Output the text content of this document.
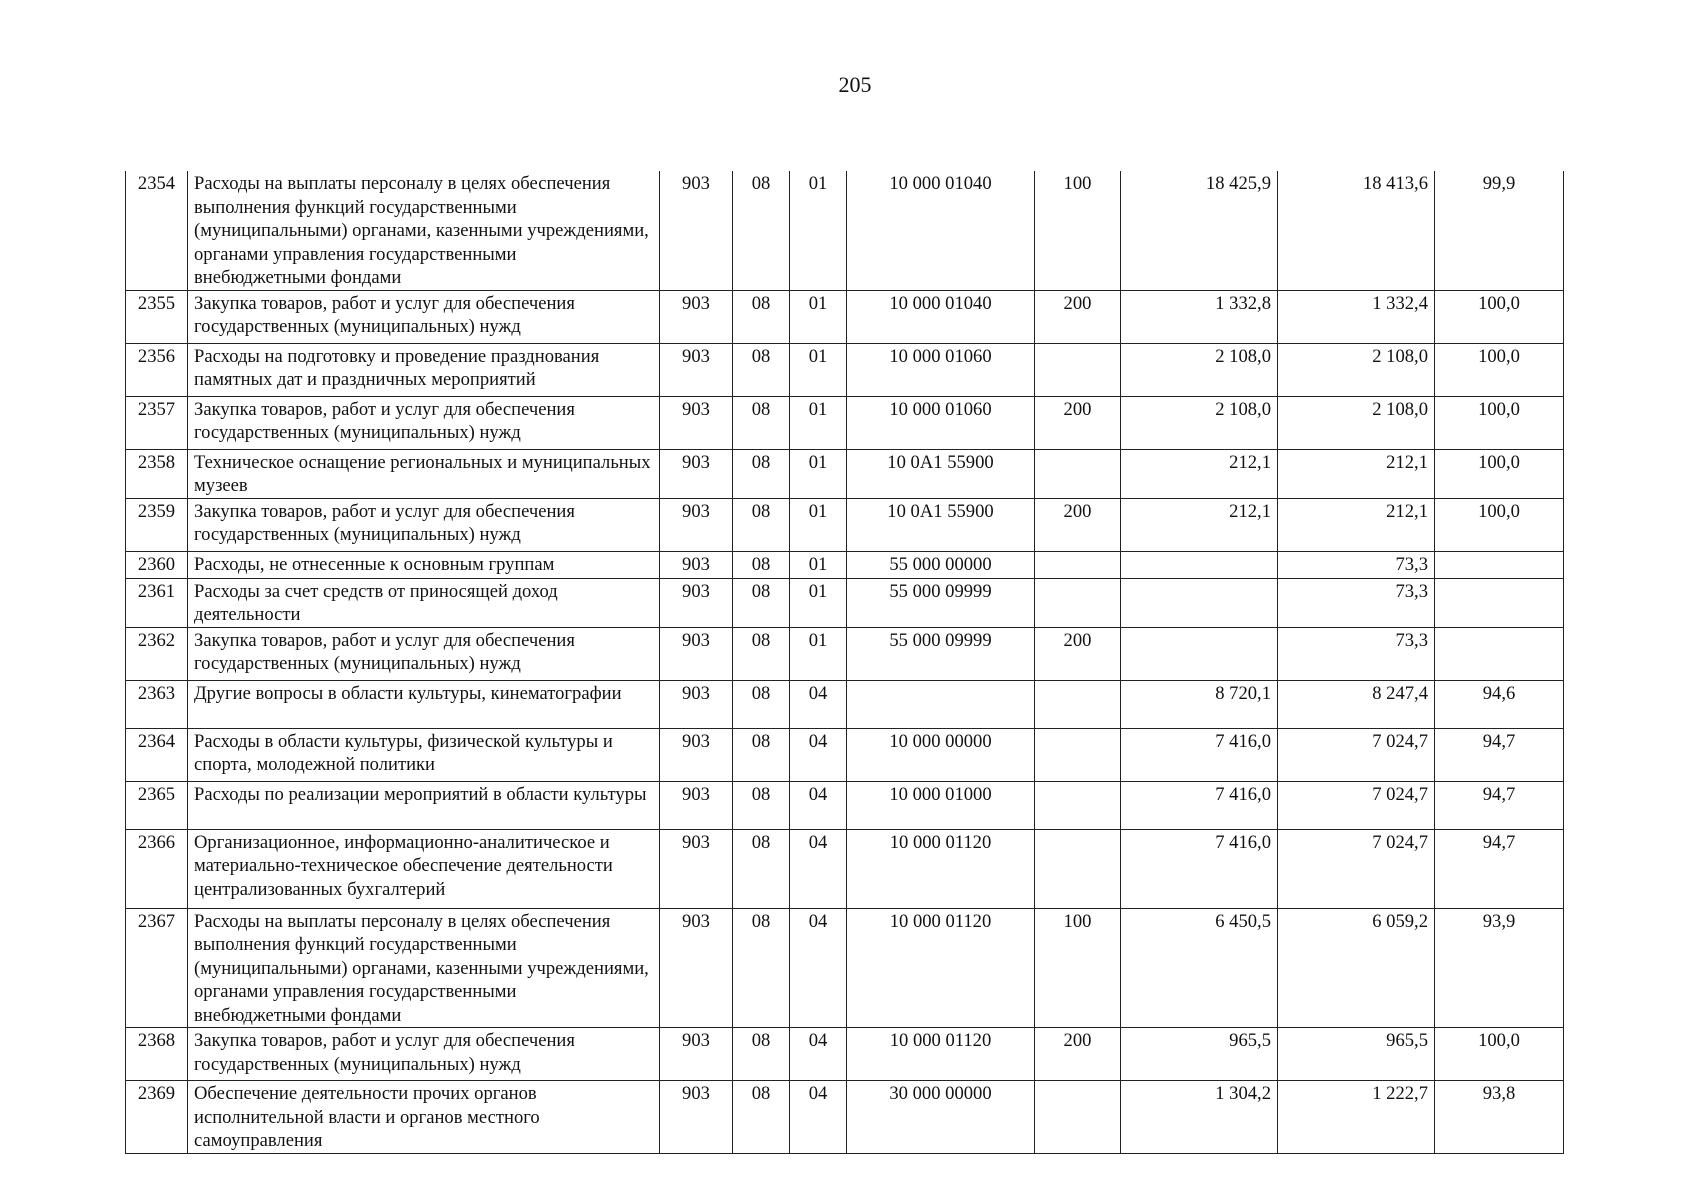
205
2354	Расходы на выплаты персоналу в целях обеспечения выполнения функций государственными (муниципальными) органами, казенными учреждениями, органами управления государственными внебюджетными фондами	903	08	01	10 000 01040	100	18 425,9	18 413,6	99,9
2355	Закупка товаров, работ и услуг для обеспечения государственных (муниципальных) нужд	903	08	01	10 000 01040	200	1 332,8	1 332,4	100,0
2356	Расходы на подготовку и проведение празднования памятных дат и праздничных мероприятий	903	08	01	10 000 01060		2 108,0	2 108,0	100,0
2357	Закупка товаров, работ и услуг для обеспечения государственных (муниципальных) нужд	903	08	01	10 000 01060	200	2 108,0	2 108,0	100,0
2358	Техническое оснащение региональных и муниципальных музеев	903	08	01	10 0А1 55900		212,1	212,1	100,0
2359	Закупка товаров, работ и услуг для обеспечения государственных (муниципальных) нужд	903	08	01	10 0А1 55900	200	212,1	212,1	100,0
2360	Расходы, не отнесенные к основным группам	903	08	01	55 000 00000			73,3	
2361	Расходы за счет средств от приносящей доход деятельности	903	08	01	55 000 09999			73,3	
2362	Закупка товаров, работ и услуг для обеспечения государственных (муниципальных) нужд	903	08	01	55 000 09999	200		73,3	
2363	Другие вопросы в области культуры, кинематографии	903	08	04			8 720,1	8 247,4	94,6
2364	Расходы в области культуры, физической культуры и спорта, молодежной политики	903	08	04	10 000 00000		7 416,0	7 024,7	94,7
2365	Расходы по реализации мероприятий в области культуры	903	08	04	10 000 01000		7 416,0	7 024,7	94,7
2366	Организационное, информационно-аналитическое и материально-техническое обеспечение деятельности централизованных бухгалтерий	903	08	04	10 000 01120		7 416,0	7 024,7	94,7
2367	Расходы на выплаты персоналу в целях обеспечения выполнения функций государственными (муниципальными) органами, казенными учреждениями, органами управления государственными внебюджетными фондами	903	08	04	10 000 01120	100	6 450,5	6 059,2	93,9
2368	Закупка товаров, работ и услуг для обеспечения государственных (муниципальных) нужд	903	08	04	10 000 01120	200	965,5	965,5	100,0
2369	Обеспечение деятельности прочих органов исполнительной власти и органов местного самоуправления	903	08	04	30 000 00000		1 304,2	1 222,7	93,8
